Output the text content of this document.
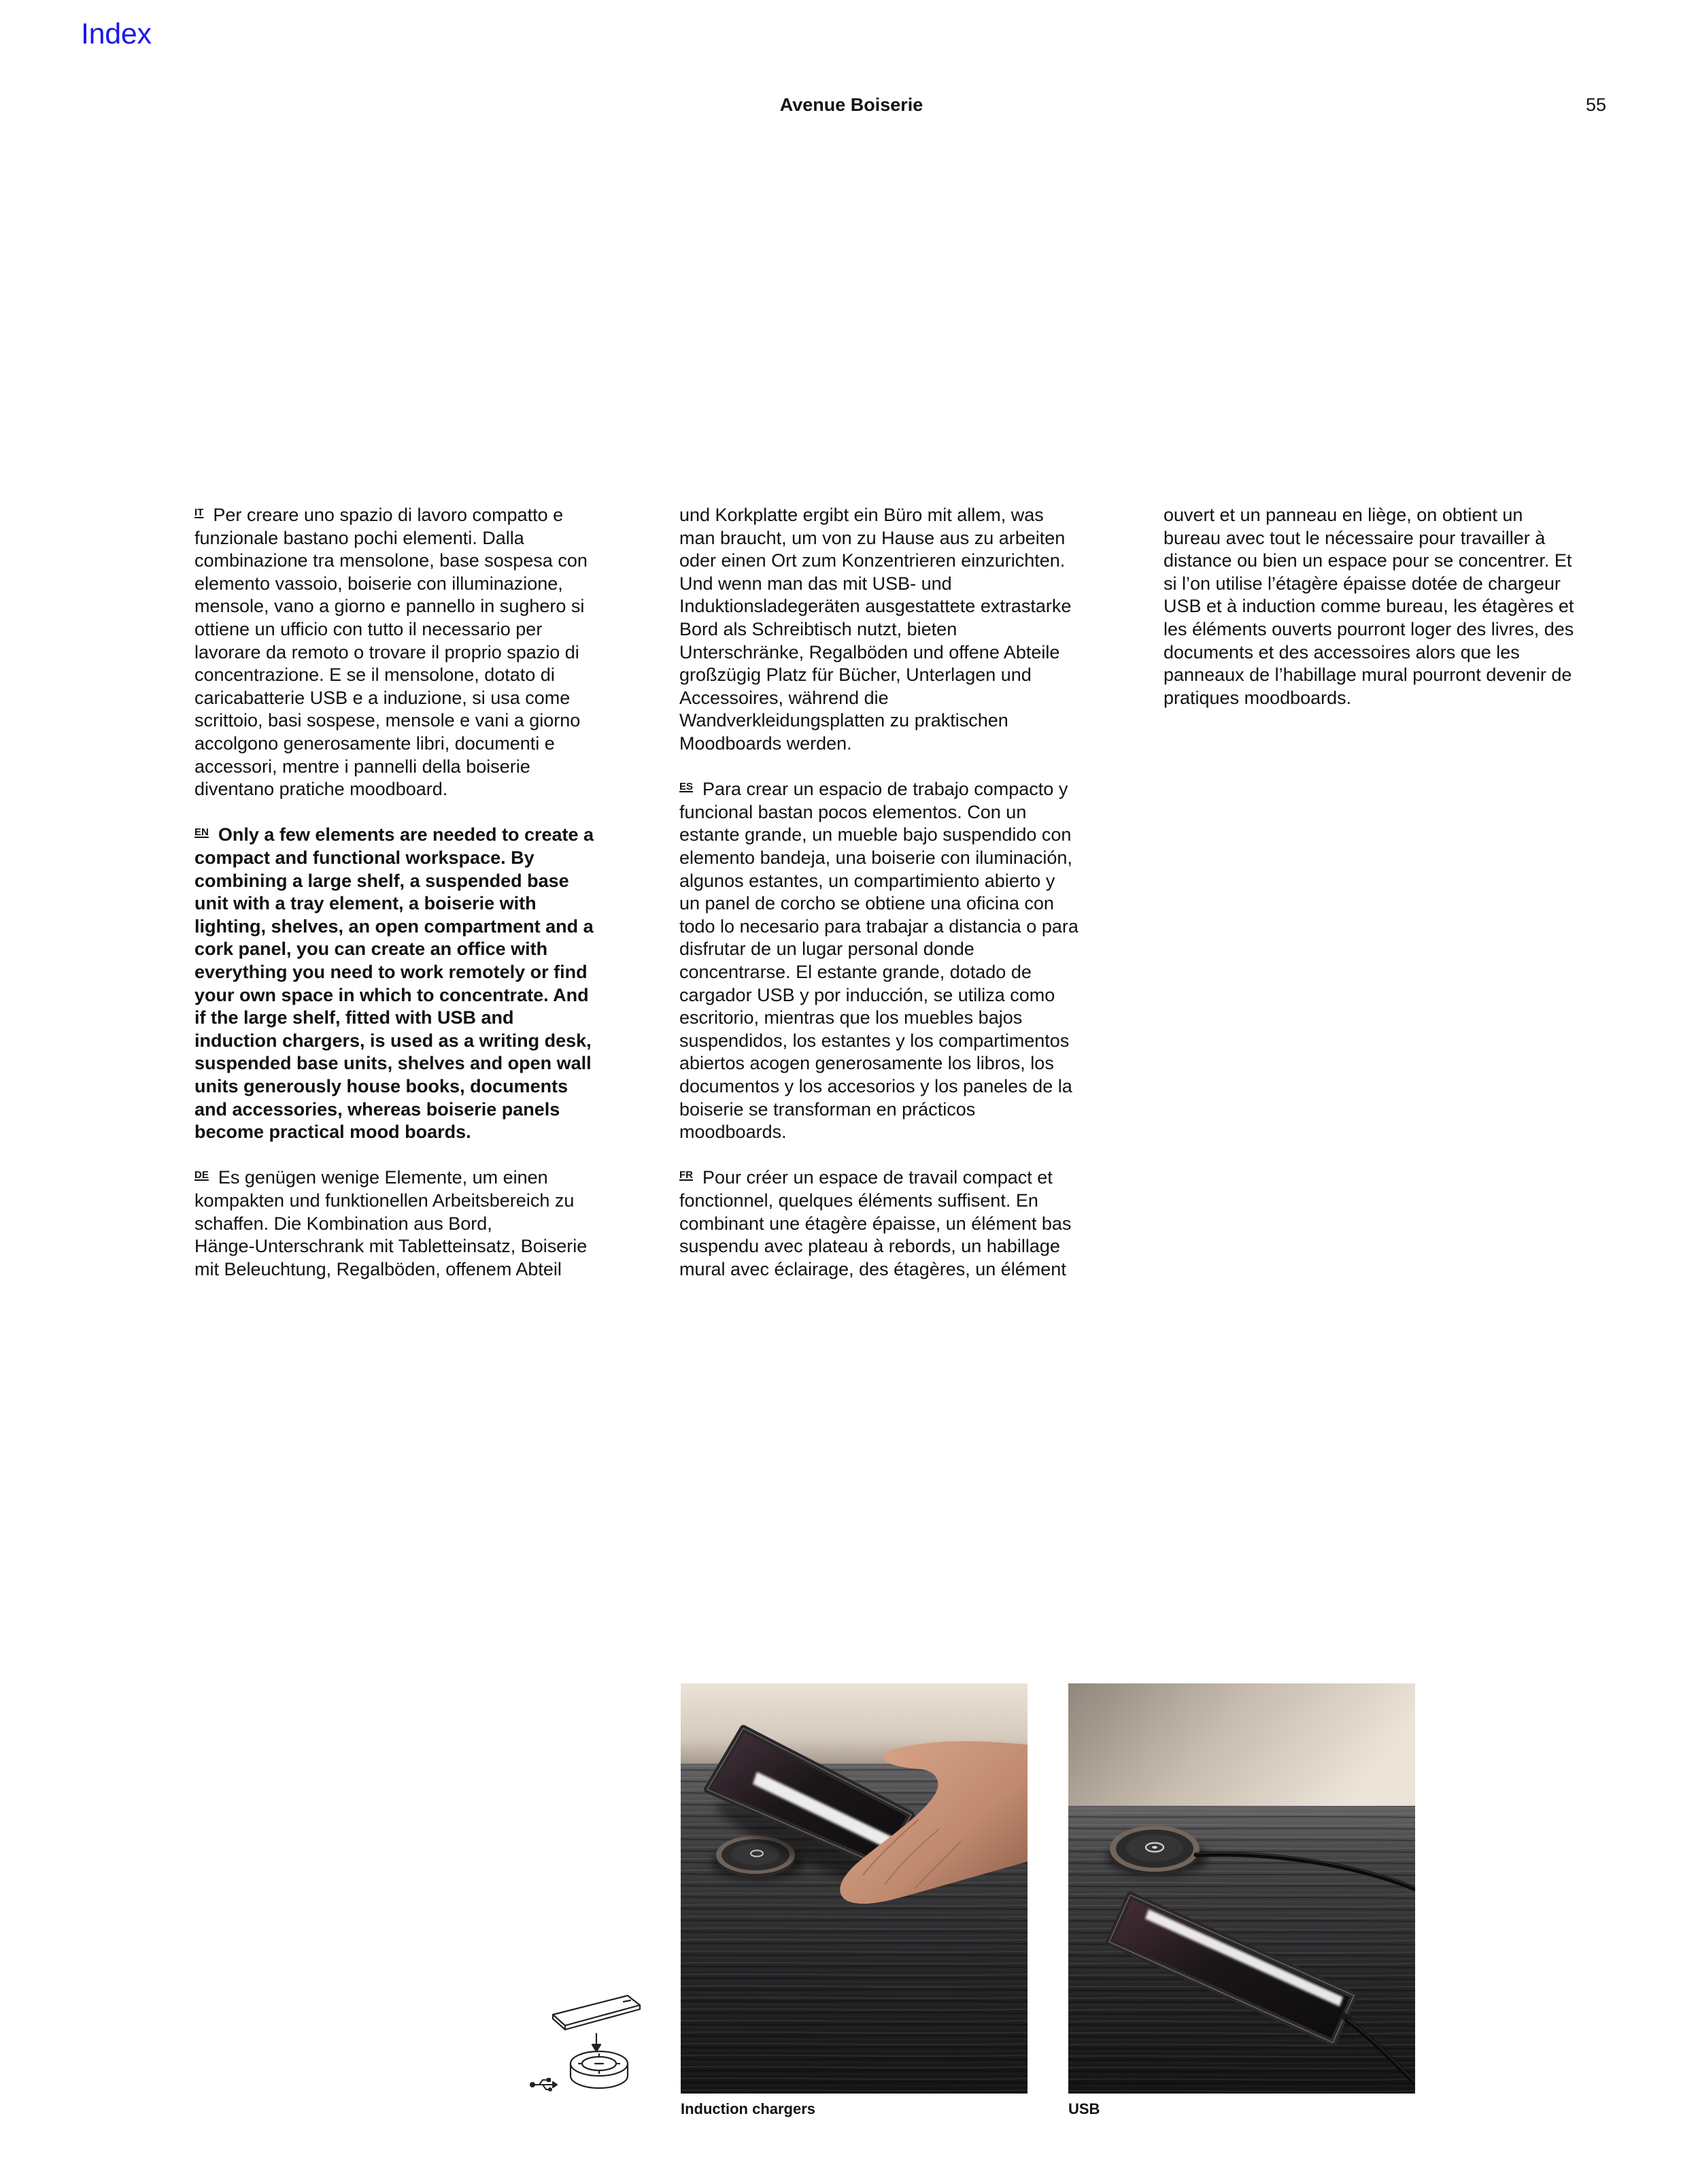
Index
Avenue Boiserie	55
IT Per creare uno spazio di lavoro compatto e
funzionale bastano pochi elementi. Dalla
combinazione tra mensolone, base sospesa con
elemento vassoio, boiserie con illuminazione,
mensole, vano a giorno e pannello in sughero si
ottiene un ufficio con tutto il necessario per
lavorare da remoto o trovare il proprio spazio di
concentrazione. E se il mensolone, dotato di
caricabatterie USB e a induzione, si usa come
scrittoio, basi sospese, mensole e vani a giorno
accolgono generosamente libri, documenti e
accessori, mentre i pannelli della boiserie
diventano pratiche moodboard.
EN Only a few elements are needed to create a
compact and functional workspace. By
combining a large shelf, a suspended base
unit with a tray element, a boiserie with
lighting, shelves, an open compartment and a
cork panel, you can create an office with
everything you need to work remotely or find
your own space in which to concentrate. And
if the large shelf, fitted with USB and
induction chargers, is used as a writing desk,
suspended base units, shelves and open wall
units generously house books, documents
and accessories, whereas boiserie panels
become practical mood boards.
DE Es genügen wenige Elemente, um einen
kompakten und funktionellen Arbeitsbereich zu
schaffen. Die Kombination aus Bord,
Hänge-Unterschrank mit Tabletteinsatz, Boiserie
mit Beleuchtung, Regalböden, offenem Abteil
und Korkplatte ergibt ein Büro mit allem, was
man braucht, um von zu Hause aus zu arbeiten
oder einen Ort zum Konzentrieren einzurichten.
Und wenn man das mit USB- und
Induktionsladegeräten ausgestattete extrastarke
Bord als Schreibtisch nutzt, bieten
Unterschränke, Regalböden und offene Abteile
großzügig Platz für Bücher, Unterlagen und
Accessoires, während die
Wandverkleidungsplatten zu praktischen
Moodboards werden.
ES Para crear un espacio de trabajo compacto y
funcional bastan pocos elementos. Con un
estante grande, un mueble bajo suspendido con
elemento bandeja, una boiserie con iluminación,
algunos estantes, un compartimiento abierto y
un panel de corcho se obtiene una oficina con
todo lo necesario para trabajar a distancia o para
disfrutar de un lugar personal donde
concentrarse. El estante grande, dotado de
cargador USB y por inducción, se utiliza como
escritorio, mientras que los muebles bajos
suspendidos, los estantes y los compartimentos
abiertos acogen generosamente los libros, los
documentos y los accesorios y los paneles de la
boiserie se transforman en prácticos
moodboards.
FR Pour créer un espace de travail compact et
fonctionnel, quelques éléments suffisent. En
combinant une étagère épaisse, un élément bas
suspendu avec plateau à rebords, un habillage
mural avec éclairage, des étagères, un élément
ouvert et un panneau en liège, on obtient un
bureau avec tout le nécessaire pour travailler à
distance ou bien un espace pour se concentrer. Et
si l’on utilise l’étagère épaisse dotée de chargeur
USB et à induction comme bureau, les étagères et
les éléments ouverts pourront loger des livres, des
documents et des accessoires alors que les
panneaux de l’habillage mural pourront devenir de
pratiques moodboards.
Induction chargers	USB
